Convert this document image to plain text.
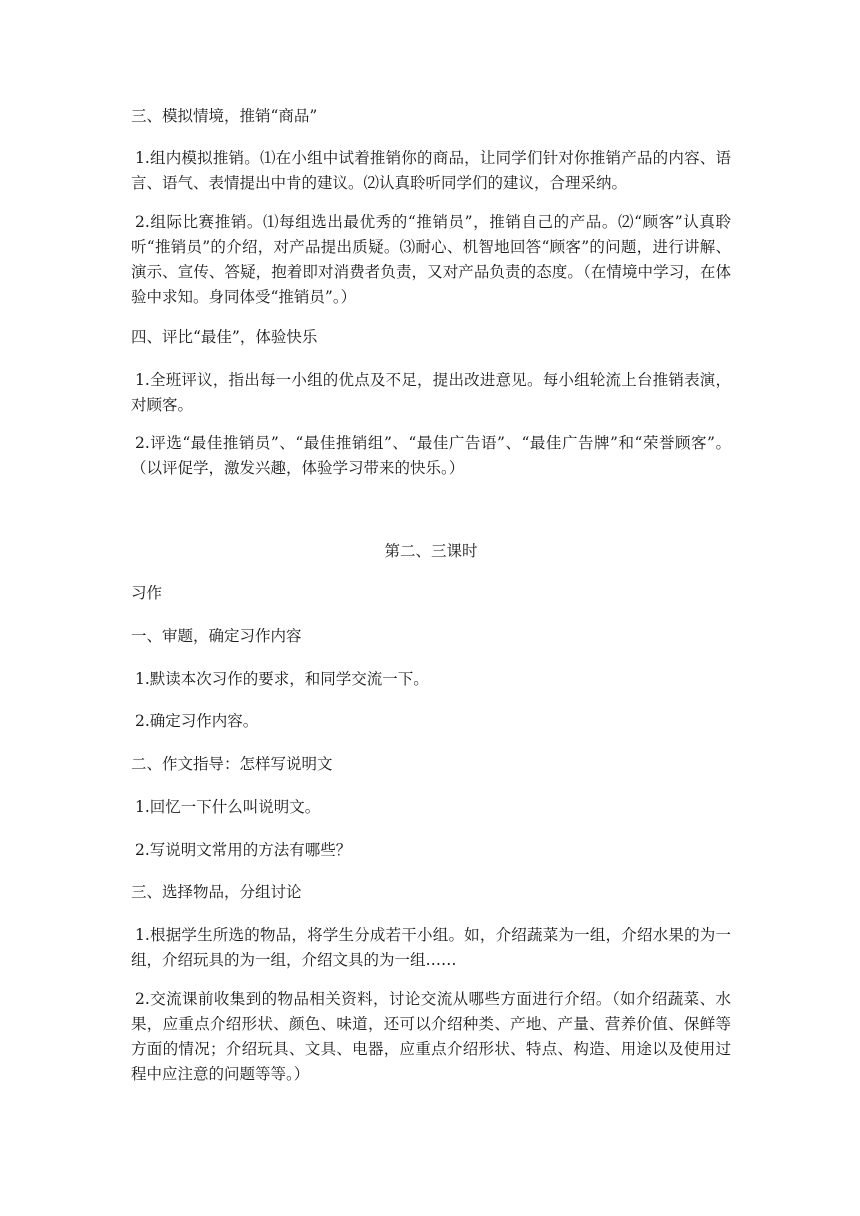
三、模拟情境，推销“商品”

1.组内模拟推销。⑴在小组中试着推销你的商品，让同学们针对你推销产品的内容、语言、语气、表情提出中肯的建议。⑵认真聆听同学们的建议，合理采纳。

2.组际比赛推销。⑴每组选出最优秀的“推销员”，推销自己的产品。⑵“顾客”认真聆听“推销员”的介绍，对产品提出质疑。⑶耐心、机智地回答“顾客”的问题，进行讲解、演示、宣传、答疑，抱着即对消费者负责，又对产品负责的态度。（在情境中学习，在体验中求知。身同体受“推销员”。）

四、评比“最佳”，体验快乐

1.全班评议，指出每一小组的优点及不足，提出改进意见。每小组轮流上台推销表演，对顾客。

2.评选“最佳推销员”、“最佳推销组”、“最佳广告语”、“最佳广告牌”和“荣誉顾客”。（以评促学，激发兴趣，体验学习带来的快乐。）

第二、三课时

习作

一、审题，确定习作内容

1.默读本次习作的要求，和同学交流一下。

2.确定习作内容。

二、作文指导：怎样写说明文

1.回忆一下什么叫说明文。

2.写说明文常用的方法有哪些？

三、选择物品，分组讨论

1.根据学生所选的物品，将学生分成若干小组。如，介绍蔬菜为一组，介绍水果的为一组，介绍玩具的为一组，介绍文具的为一组……

2.交流课前收集到的物品相关资料，讨论交流从哪些方面进行介绍。（如介绍蔬菜、水果，应重点介绍形状、颜色、味道，还可以介绍种类、产地、产量、营养价值、保鲜等方面的情况；介绍玩具、文具、电器，应重点介绍形状、特点、构造、用途以及使用过程中应注意的问题等等。）
